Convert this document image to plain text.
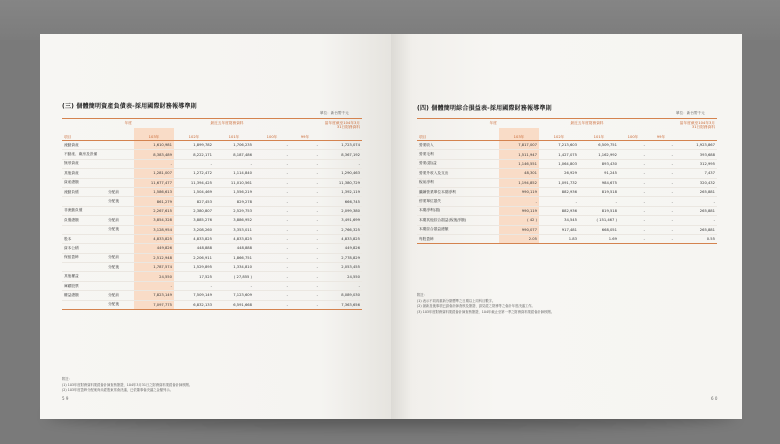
(三) 個體簡明資產負債表-採用國際財務報導準則
單位：新台幣千元
年度		最近五年度財務資料					當年度截至104年3月31日財務資料
項目		103年	102年	101年	100年	99年	
流動資產		1,610,981	1,899,782	1,706,235	-	-	1,723,074
不動產、廠房及設備		8,383,489	8,222,171	8,187,486	-	-	8,367,192
無形資產		-	-	-	-	-	-
其他資產		1,281,007	1,272,472	1,114,840	-	-	1,290,463
資產總額		11,677,477	11,394,425	11,010,561	-	-	11,380,729
流動負債	分配前	1,586,613	1,504,469	1,556,219	-	-	1,392,119
	分配後	861,279	827,453	829,278	-	-	666,745
非流動負債		2,267,615	2,380,807	2,529,753	-	-	2,099,380
負債總額	分配前	3,854,328	3,885,276	3,886,952	-	-	3,491,699
	分配後	3,128,954	3,208,260	3,353,011	-	-	2,766,325
股本		4,833,825	4,833,825	4,833,825	-	-	4,833,825
資本公積		449,826	448,888	448,888	-	-	449,826
保留盈餘	分配前	2,512,948	2,206,911	1,866,751	-	-	2,778,829
	分配後	1,787,574	1,529,895	1,334,810	-	-	2,053,455
其他權益		24,550	17,525	( 27,855 )	-	-	24,550
庫藏股票		-	-	-	-	-	-
權益總額	分配前	7,823,149	7,509,149	7,123,609	-	-	8,089,030
	分配後	7,097,775	6,832,133	6,591,668	-	-	7,363,656
附註：
(1) 103年度財務資料業經會計師查核簽證，104年3月31日之財務資料業經會計師核閱。
(2) 103年度盈餘分配案尚未經股東常會決議，已依董事會決議之金額列示。
5 9
(四) 個體簡明綜合損益表-採用國際財務報導準則
單位：新台幣千元
年度	最近五年度財務資料					當年度截至104年3月31日財務資料
項目	103年	102年	101年	100年	99年	
營業收入	7,817,007	7,213,603	6,509,751	-	-	1,923,867
營業毛利	1,511,947	1,427,075	1,162,992	-	-	393,688
營業(損)益	1,146,551	1,064,803	893,430	-	-	312,995
營業外收入及支出	48,301	26,929	91,245	-	-	7,437
稅前淨利	1,194,852	1,091,732	984,675	-	-	320,432
繼續營業單位本期淨利	990,119	882,936	819,518	-	-	265,881
停業單位損失	-	-	-	-	-	-
本期淨利(損)	990,119	882,936	819,518	-	-	265,881
本期其他綜合損益(稅後淨額)	( 42 )	34,545	( 151,467 )	-	-	-
本期綜合損益總額	990,077	917,481	668,051	-	-	265,881
每股盈餘	2.05	1.83	1.69	-	-	0.55
附註：
(1) 表示不同再重新分類標準之日期以上同科目數字。
(2) 最新及後事項已請會計師查核及簽證、請見經之財務等之會計年度決議工作。
(3) 103年度財務資料業經會計師查核簽證，104年截止至第一季之財務資料業經會計師核閱。
6 0
